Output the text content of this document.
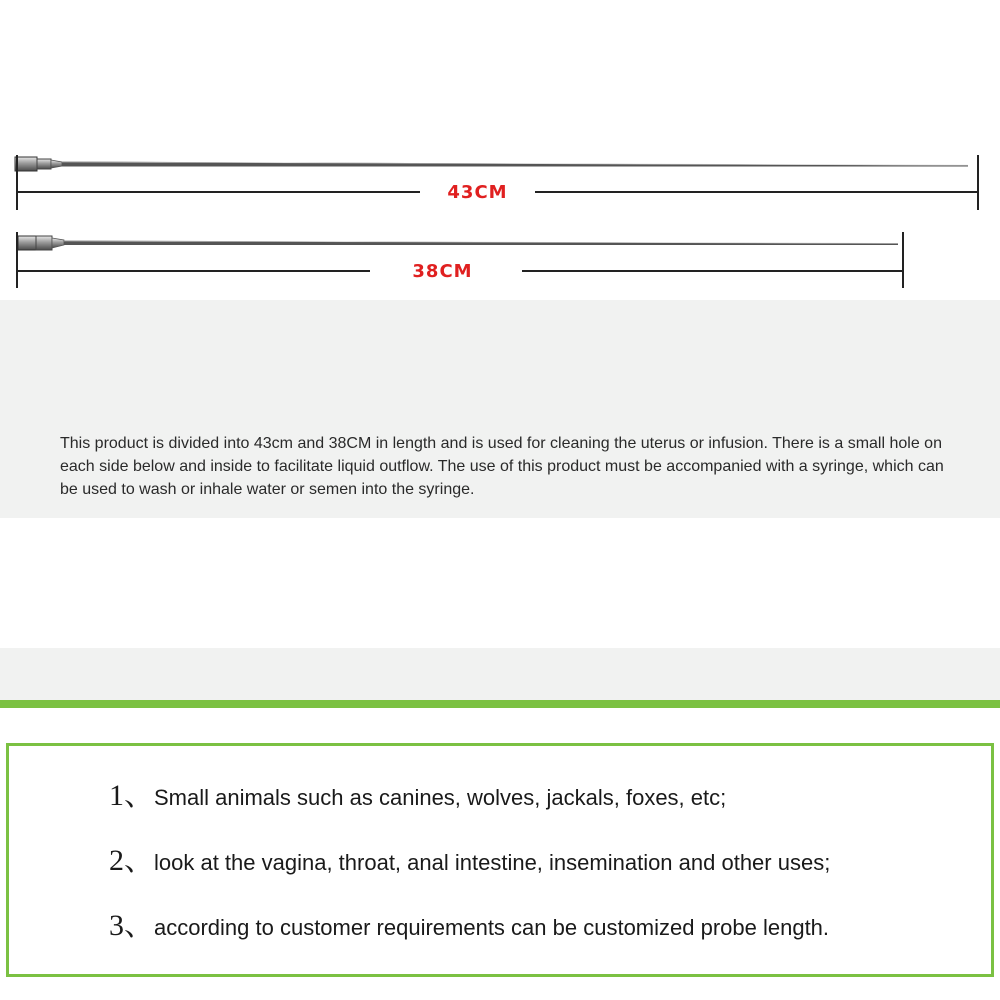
43CM
38CM

This product is divided into 43cm and 38CM in length and is used for cleaning the uterus or infusion. There is a small hole on each side below and inside to facilitate liquid outflow. The use of this product must be accompanied with a syringe, which can be used to wash or inhale water or semen into the syringe.

1、Small animals such as canines, wolves, jackals, foxes, etc;
2、look at the vagina, throat, anal intestine, insemination and other uses;
3、according to customer requirements can be customized probe length.
